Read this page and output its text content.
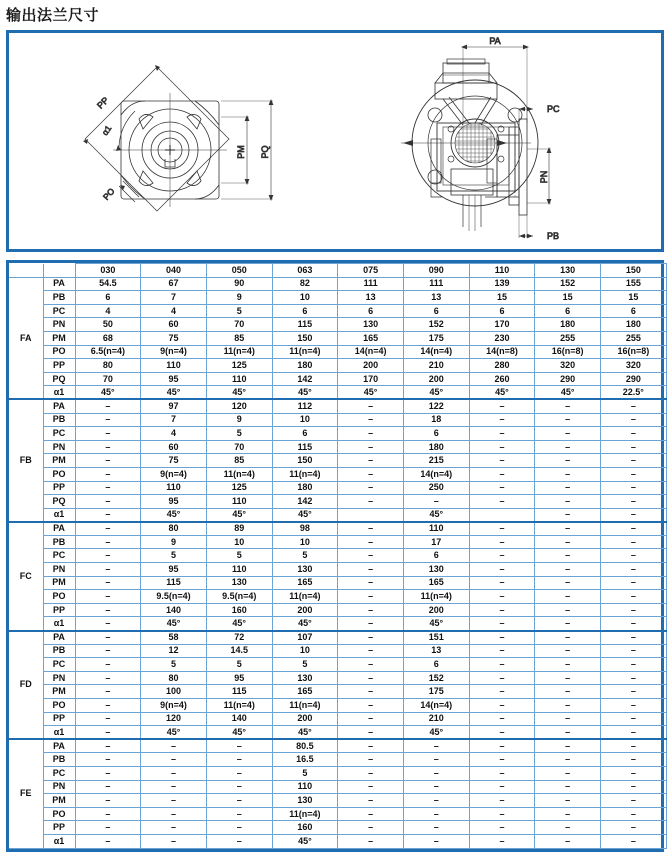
输出法兰尺寸
PP
α1
PO
PM PQ
PA
PC
PN
PB
		030	040	050	063	075	090	110	130	150
FA	PA	54.5	67	90	82	111	111	139	152	155
	PB	6	7	9	10	13	13	15	15	15
	PC	4	4	5	6	6	6	6	6	6
	PN	50	60	70	115	130	152	170	180	180
	PM	68	75	85	150	165	175	230	255	255
	PO	6.5(n=4)	9(n=4)	11(n=4)	11(n=4)	14(n=4)	14(n=4)	14(n=8)	16(n=8)	16(n=8)
	PP	80	110	125	180	200	210	280	320	320
	PQ	70	95	110	142	170	200	260	290	290
	α1	45°	45°	45°	45°	45°	45°	45°	45°	22.5°
FB	PA	–	97	120	112	–	122	–	–	–
	PB	–	7	9	10	–	18	–	–	–
	PC	–	4	5	6	–	6	–	–	–
	PN	–	60	70	115	–	180	–	–	–
	PM	–	75	85	150	–	215	–	–	–
	PO	–	9(n=4)	11(n=4)	11(n=4)	–	14(n=4)	–	–	–
	PP	–	110	125	180	–	250	–	–	–
	PQ	–	95	110	142	–	–	–	–	–
	α1	–	45°	45°	45°		45°		–	–
FC	PA	–	80	89	98	–	110	–	–	–
	PB	–	9	10	10	–	17	–	–	–
	PC	–	5	5	5	–	6	–	–	–
	PN	–	95	110	130	–	130	–	–	–
	PM	–	115	130	165	–	165	–	–	–
	PO	–	9.5(n=4)	9.5(n=4)	11(n=4)	–	11(n=4)	–	–	–
	PP	–	140	160	200	–	200	–	–	–
	α1	–	45°	45°	45°	–	45°	–	–	–
FD	PA	–	58	72	107	–	151	–	–	–
	PB	–	12	14.5	10	–	13	–	–	–
	PC	–	5	5	5	–	6	–	–	–
	PN	–	80	95	130	–	152	–	–	–
	PM	–	100	115	165	–	175	–	–	–
	PO	–	9(n=4)	11(n=4)	11(n=4)	–	14(n=4)	–	–	–
	PP	–	120	140	200	–	210	–	–	–
	α1	–	45°	45°	45°	–	45°	–	–	–
FE	PA	–	–	–	80.5	–	–	–	–	–
	PB	–	–	–	16.5	–	–	–	–	–
	PC	–	–	–	5	–	–	–	–	–
	PN	–	–	–	110	–	–	–	–	–
	PM	–	–	–	130	–	–	–	–	–
	PO	–	–	–	11(n=4)	–	–	–	–	–
	PP	–	–	–	160	–	–	–	–	–
	α1	–	–	–	45°	–	–	–	–	–
